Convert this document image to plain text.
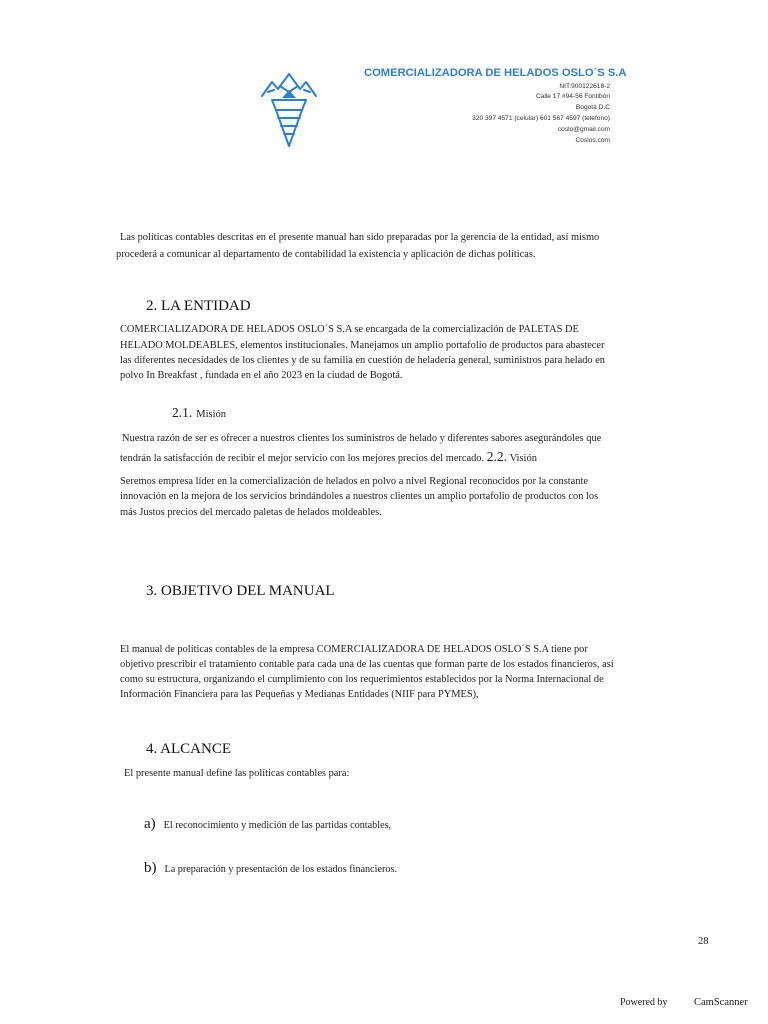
COMERCIALIZADORA DE HELADOS OSLO´S S.A
NIT:900122618-2
Calle 17 #94-56 Fontibón
Bogotá D.C
320 397 4571 (celular) 601 567 4597 (telefono)
coslo@gmail.com
Coslos.com
Las políticas contables descritas en el presente manual han sido preparadas por la gerencia de la entidad, así mismo
procederá a comunicar al departamento de contabilidad la existencia y aplicación de dichas políticas.
2. LA ENTIDAD
COMERCIALIZADORA DE HELADOS OSLO´S S.A se encargada de la comercialización de PALETAS DE
HELADO MOLDEABLES, elementos institucionales. Manejamos un amplio portafolio de productos para abastecer
las diferentes necesidades de los clientes y de su familia en cuestión de heladería general, suministros para helado en
polvo In Breakfast , fundada en el año 2023 en la ciudad de Bogotá.
2.1. Misión
Nuestra razón de ser es ofrecer a nuestros clientes los suministros de helado y diferentes sabores asegurándoles que
tendrán la satisfacción de recibir el mejor servicio con los mejores precios del mercado. 2.2. Visión
Seremos empresa líder en la comercialización de helados en polvo a nivel Regional reconocidos por la constante
innovación en la mejora de los servicios brindándoles a nuestros clientes un amplio portafolio de productos con los
más Justos precios del mercado paletas de helados moldeables.
3. OBJETIVO DEL MANUAL
El manual de políticas contables de la empresa COMERCIALIZADORA DE HELADOS OSLO´S S.A tiene por
objetivo prescribir el tratamiento contable para cada una de las cuentas que forman parte de los estados financieros, así
como su estructura, organizando el cumplimiento con los requerimientos establecidos por la Norma Internacional de
Información Financiera para las Pequeñas y Medianas Entidades (NIIF para PYMES),
4. ALCANCE
El presente manual define las políticas contables para:
a) El reconocimiento y medición de las partidas contables,
b) La preparación y presentación de los estados financieros.
28
Powered by	CamScanner
